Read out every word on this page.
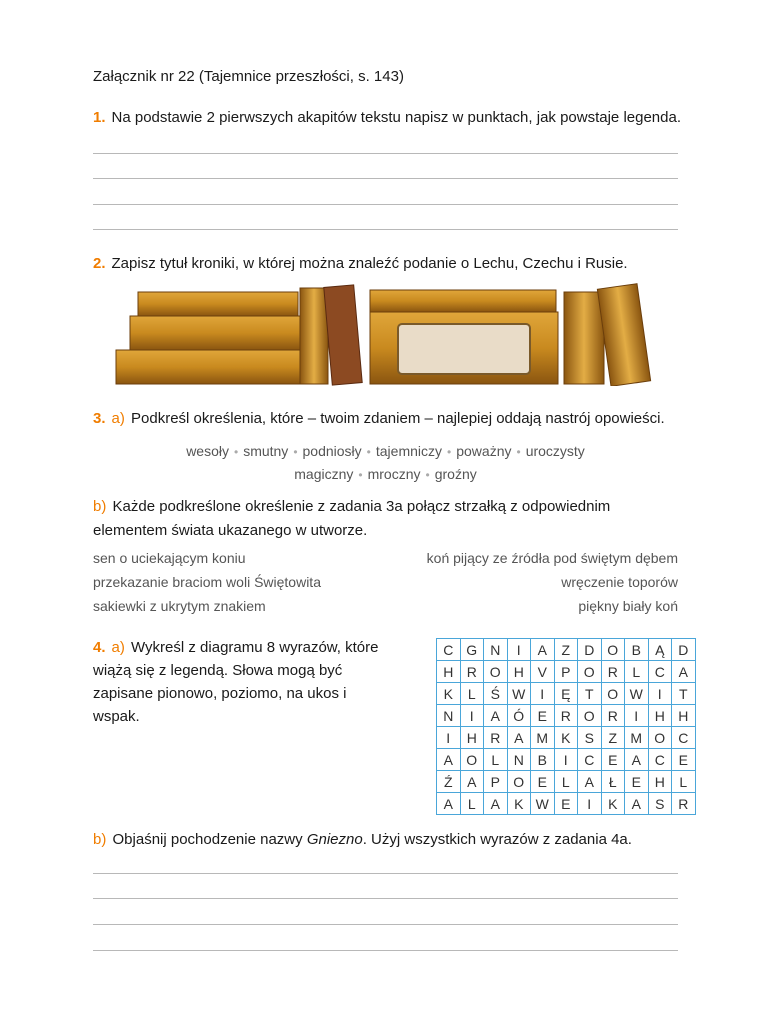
Załącznik nr 22 (Tajemnice przeszłości, s. 143)
1. Na podstawie 2 pierwszych akapitów tekstu napisz w punktach, jak powstaje legenda.
2. Zapisz tytuł kroniki, w której można znaleźć podanie o Lechu, Czechu i Rusie.
3. a) Podkreśl określenia, które – twoim zdaniem – najlepiej oddają nastrój opowieści.
wesoły • smutny • podniosły • tajemniczy • poważny • uroczysty
magiczny • mroczny • groźny
b) Każde podkreślone określenie z zadania 3a połącz strzałką z odpowiednim elementem świata ukazanego w utworze.
sen o uciekającym koniu
przekazanie braciom woli Świętowita
sakiewki z ukrytym znakiem
koń pijący ze źródła pod świętym dębem
wręczenie toporów
piękny biały koń
4. a) Wykreśl z diagramu 8 wyrazów, które wiążą się z legendą. Słowa mogą być zapisane pionowo, poziomo, na ukos i wspak.
C	G	N	I	A	Z	D	O	B	Ą	D
H	R	O	H	V	P	O	R	L	C	A
K	L	Ś	W	I	Ę	T	O	W	I	T
N	I	A	Ó	E	R	O	R	I	H	H
I	H	R	A	M	K	S	Z	M	O	C
A	O	L	N	B	I	C	E	A	C	E
Ź	A	P	O	E	L	A	Ł	E	H	L
A	L	A	K	W	E	I	K	A	S	R
b) Objaśnij pochodzenie nazwy Gniezno. Użyj wszystkich wyrazów z zadania 4a.
